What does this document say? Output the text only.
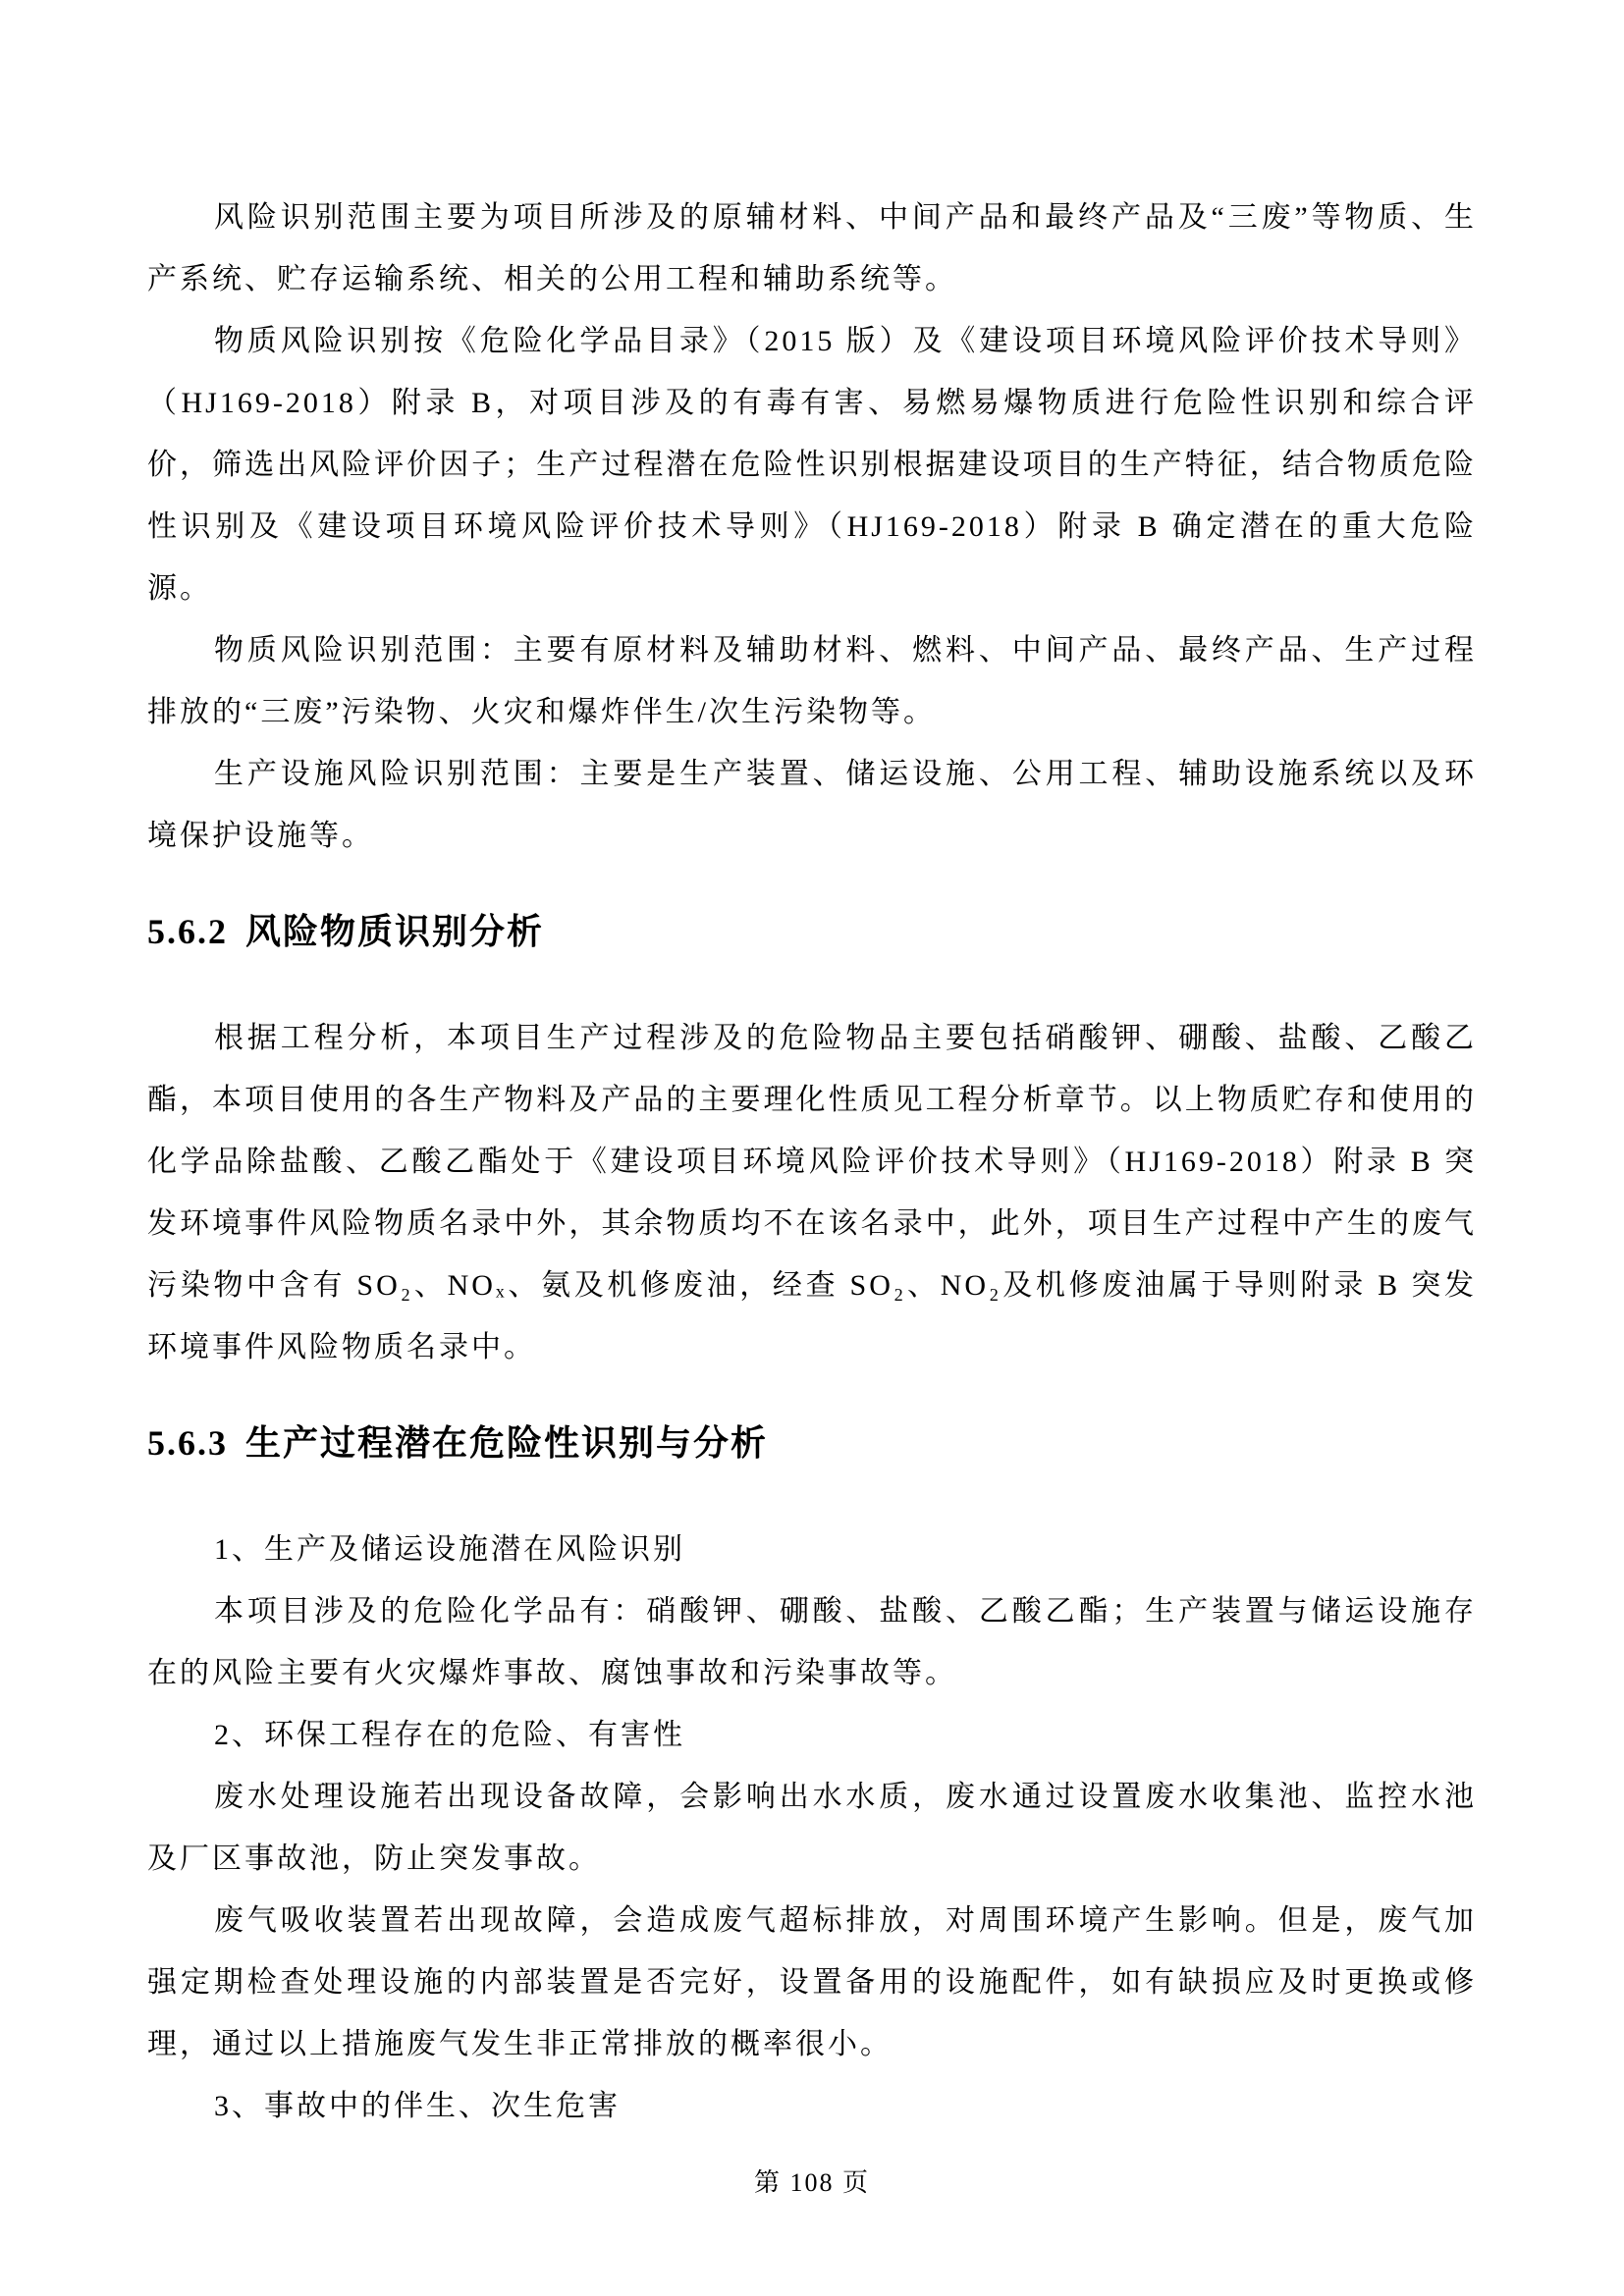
风险识别范围主要为项目所涉及的原辅材料、中间产品和最终产品及“三废”等物质、生产系统、贮存运输系统、相关的公用工程和辅助系统等。

物质风险识别按《危险化学品目录》（2015 版）及《建设项目环境风险评价技术导则》（HJ169-2018）附录 B，对项目涉及的有毒有害、易燃易爆物质进行危险性识别和综合评价，筛选出风险评价因子；生产过程潜在危险性识别根据建设项目的生产特征，结合物质危险性识别及《建设项目环境风险评价技术导则》（HJ169-2018）附录 B 确定潜在的重大危险源。

物质风险识别范围：主要有原材料及辅助材料、燃料、中间产品、最终产品、生产过程排放的“三废”污染物、火灾和爆炸伴生/次生污染物等。

生产设施风险识别范围：主要是生产装置、储运设施、公用工程、辅助设施系统以及环境保护设施等。

5.6.2 风险物质识别分析

根据工程分析，本项目生产过程涉及的危险物品主要包括硝酸钾、硼酸、盐酸、乙酸乙酯，本项目使用的各生产物料及产品的主要理化性质见工程分析章节。以上物质贮存和使用的化学品除盐酸、乙酸乙酯处于《建设项目环境风险评价技术导则》（HJ169-2018）附录 B 突发环境事件风险物质名录中外，其余物质均不在该名录中，此外，项目生产过程中产生的废气污染物中含有 SO₂、NOₓ、氨及机修废油，经查 SO₂、NO₂及机修废油属于导则附录 B 突发环境事件风险物质名录中。

5.6.3 生产过程潜在危险性识别与分析

1、生产及储运设施潜在风险识别

本项目涉及的危险化学品有：硝酸钾、硼酸、盐酸、乙酸乙酯；生产装置与储运设施存在的风险主要有火灾爆炸事故、腐蚀事故和污染事故等。

2、环保工程存在的危险、有害性

废水处理设施若出现设备故障，会影响出水水质，废水通过设置废水收集池、监控水池及厂区事故池，防止突发事故。

废气吸收装置若出现故障，会造成废气超标排放，对周围环境产生影响。但是，废气加强定期检查处理设施的内部装置是否完好，设置备用的设施配件，如有缺损应及时更换或修理，通过以上措施废气发生非正常排放的概率很小。

3、事故中的伴生、次生危害

第 108 页
